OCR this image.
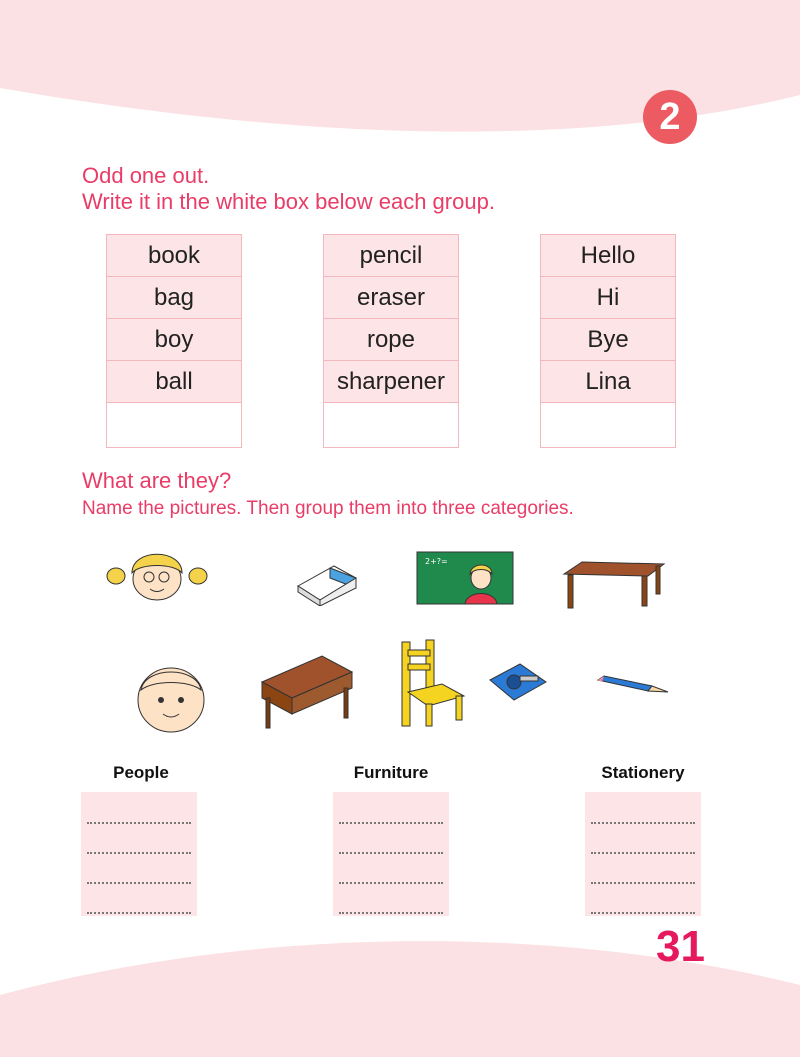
2
Odd one out.
Write it in the white box below each group.
book
bag
boy
ball
pencil
eraser
rope
sharpener
Hello
Hi
Bye
Lina
What are they?
Name the pictures. Then group them into three categories.
2+?=
People	Furniture	Stationery
31
